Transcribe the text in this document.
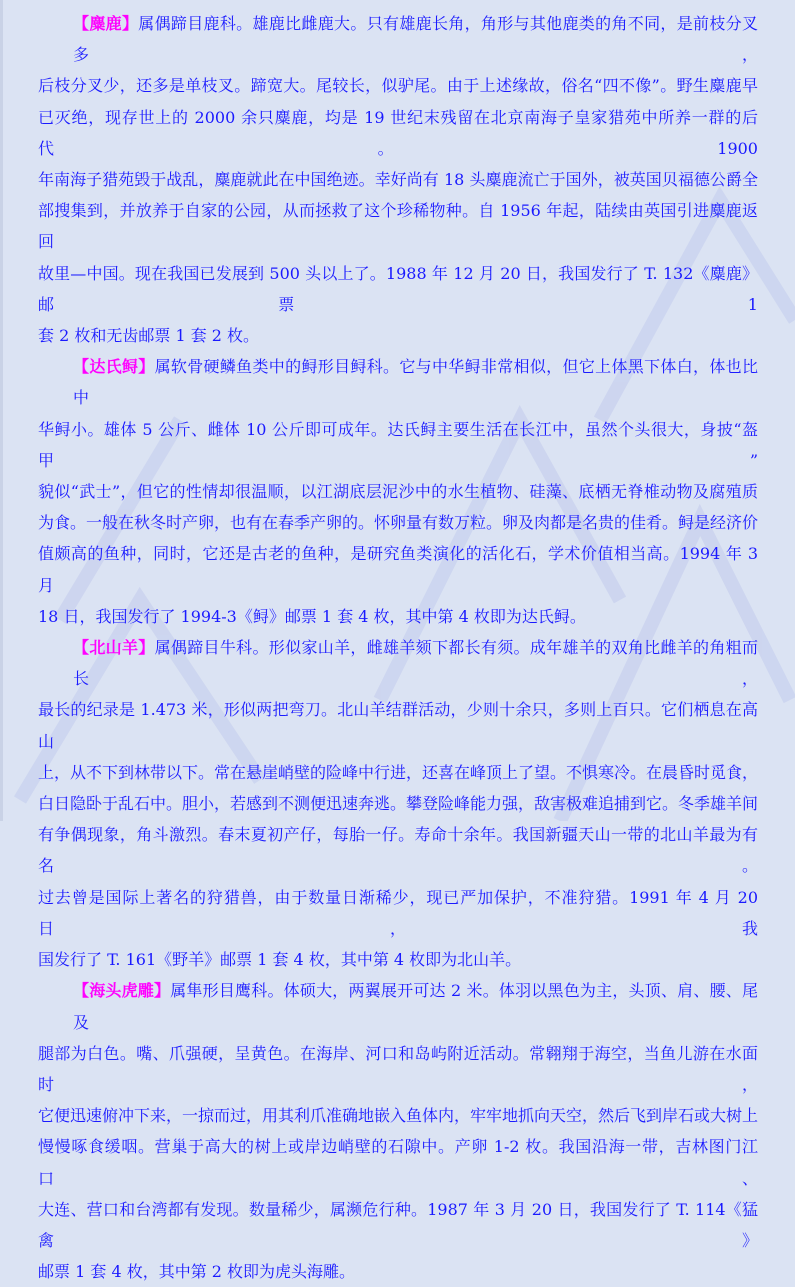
【麋鹿】属偶蹄目鹿科。雄鹿比雌鹿大。只有雄鹿长角，角形与其他鹿类的角不同，是前枝分叉多，
后枝分叉少，还多是单枝叉。蹄宽大。尾较长，似驴尾。由于上述缘故，俗名“四不像”。野生麋鹿早
已灭绝，现存世上的 2000 余只麋鹿，均是 19 世纪末残留在北京南海子皇家猎苑中所养一群的后代。1900
年南海子猎苑毁于战乱，麋鹿就此在中国绝迹。幸好尚有 18 头麋鹿流亡于国外，被英国贝福德公爵全
部搜集到，并放养于自家的公园，从而拯救了这个珍稀物种。自 1956 年起，陆续由英国引进麋鹿返回
故里—中国。现在我国已发展到 500 头以上了。1988 年 12 月 20 日，我国发行了 T. 132《麋鹿》邮票 1
套 2 枚和无齿邮票 1 套 2 枚。
【达氏鲟】属软骨硬鳞鱼类中的鲟形目鲟科。它与中华鲟非常相似，但它上体黑下体白，体也比中
华鲟小。雄体 5 公斤、雌体 10 公斤即可成年。达氏鲟主要生活在长江中，虽然个头很大，身披“盔甲”
貌似“武士”，但它的性情却很温顺，以江湖底层泥沙中的水生植物、硅藻、底栖无脊椎动物及腐殖质
为食。一般在秋冬时产卵，也有在春季产卵的。怀卵量有数万粒。卵及肉都是名贵的佳肴。鲟是经济价
值颇高的鱼种，同时，它还是古老的鱼种，是研究鱼类演化的活化石，学术价值相当高。1994 年 3 月
18 日，我国发行了 1994-3《鲟》邮票 1 套 4 枚，其中第 4 枚即为达氏鲟。
【北山羊】属偶蹄目牛科。形似家山羊，雌雄羊颏下都长有须。成年雄羊的双角比雌羊的角粗而长，
最长的纪录是 1.473 米，形似两把弯刀。北山羊结群活动，少则十余只，多则上百只。它们栖息在高山
上，从不下到林带以下。常在悬崖峭壁的险峰中行进，还喜在峰顶上了望。不惧寒冷。在晨昏时觅食，
白日隐卧于乱石中。胆小，若感到不测便迅速奔逃。攀登险峰能力强，敌害极难追捕到它。冬季雄羊间
有争偶现象，角斗激烈。春末夏初产仔，每胎一仔。寿命十余年。我国新疆天山一带的北山羊最为有名。
过去曾是国际上著名的狩猎兽，由于数量日渐稀少，现已严加保护，不准狩猎。1991 年 4 月 20 日，我
国发行了 T. 161《野羊》邮票 1 套 4 枚，其中第 4 枚即为北山羊。
【海头虎雕】属隼形目鹰科。体硕大，两翼展开可达 2 米。体羽以黑色为主，头顶、肩、腰、尾及
腿部为白色。嘴、爪强硬，呈黄色。在海岸、河口和岛屿附近活动。常翱翔于海空，当鱼儿游在水面时，
它便迅速俯冲下来，一掠而过，用其利爪准确地嵌入鱼体内，牢牢地抓向天空，然后飞到岸石或大树上
慢慢啄食缓咽。营巢于高大的树上或岸边峭壁的石隙中。产卵 1-2 枚。我国沿海一带，吉林图门江口、
大连、营口和台湾都有发现。数量稀少，属濒危行种。1987 年 3 月 20 日，我国发行了 T. 114《猛禽》
邮票 1 套 4 枚，其中第 2 枚即为虎头海雕。
